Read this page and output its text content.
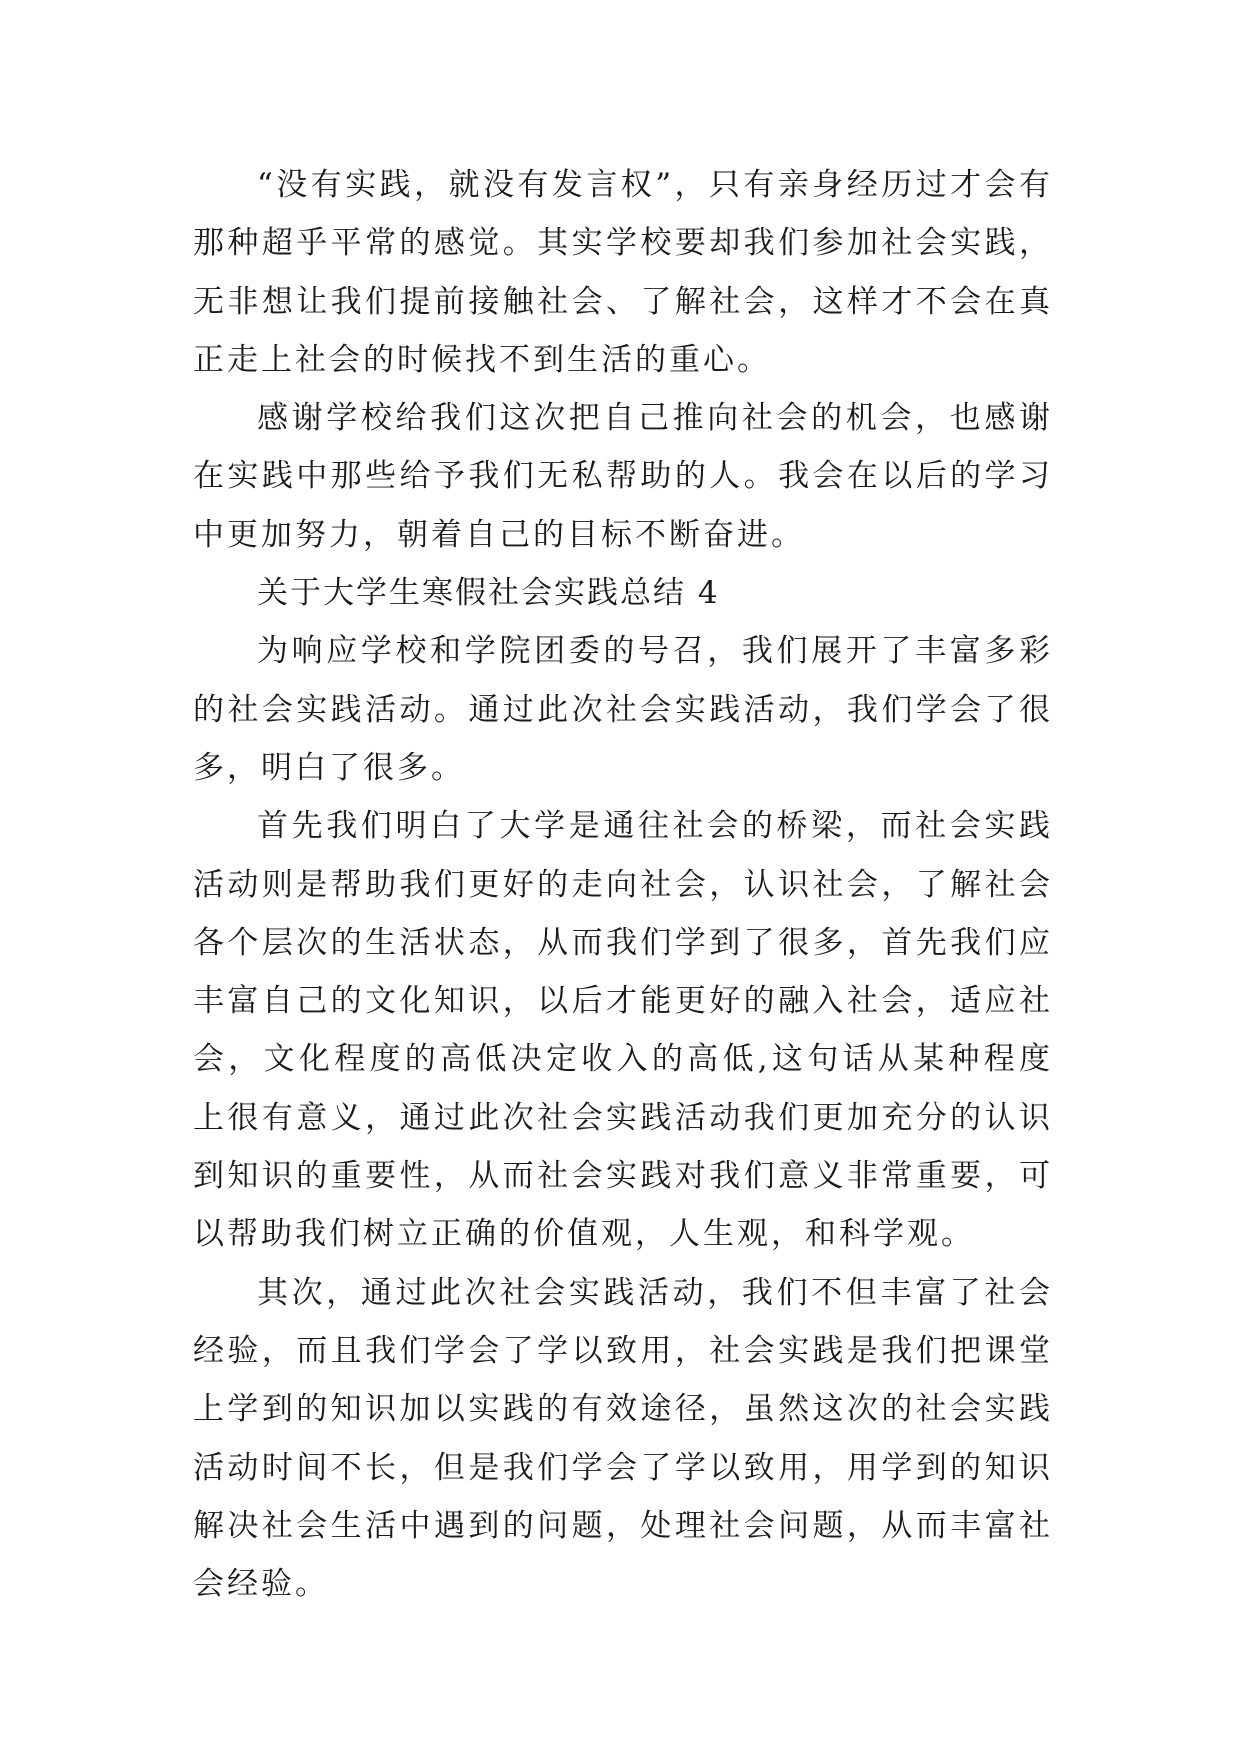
“没有实践，就没有发言权”，只有亲身经历过才会有那种超乎平常的感觉。其实学校要却我们参加社会实践，无非想让我们提前接触社会、了解社会，这样才不会在真正走上社会的时候找不到生活的重心。

感谢学校给我们这次把自己推向社会的机会，也感谢在实践中那些给予我们无私帮助的人。我会在以后的学习中更加努力，朝着自己的目标不断奋进。

关于大学生寒假社会实践总结 4

为响应学校和学院团委的号召，我们展开了丰富多彩的社会实践活动。通过此次社会实践活动，我们学会了很多，明白了很多。

首先我们明白了大学是通往社会的桥梁，而社会实践活动则是帮助我们更好的走向社会，认识社会，了解社会各个层次的生活状态，从而我们学到了很多，首先我们应丰富自己的文化知识，以后才能更好的融入社会，适应社会，文化程度的高低决定收入的高低,这句话从某种程度上很有意义，通过此次社会实践活动我们更加充分的认识到知识的重要性，从而社会实践对我们意义非常重要，可以帮助我们树立正确的价值观，人生观，和科学观。

其次，通过此次社会实践活动，我们不但丰富了社会经验，而且我们学会了学以致用，社会实践是我们把课堂上学到的知识加以实践的有效途径，虽然这次的社会实践活动时间不长，但是我们学会了学以致用，用学到的知识解决社会生活中遇到的问题，处理社会问题，从而丰富社会经验。
